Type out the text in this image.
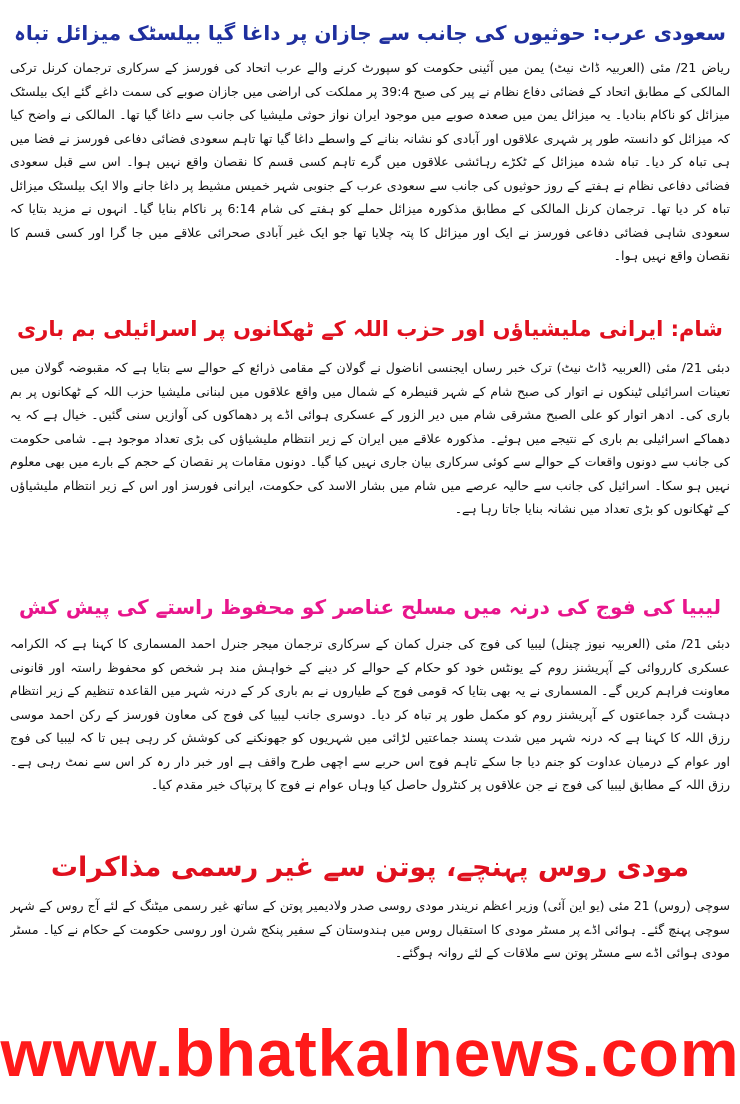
سعودی عرب: حوثیوں کی جانب سے جازان پر داغا گیا بیلسٹک میزائل تباہ

ریاض 21/ مئی (العربیہ ڈاٹ نیٹ) یمن میں آئینی حکومت کو سپورٹ کرنے والے عرب اتحاد کی فورسز کے سرکاری ترجمان کرنل ترکی المالکی کے مطابق اتحاد کے فضائی دفاع نظام نے پیر کی صبح 39:4 پر مملکت کی اراضی میں جازان صوبے کی سمت داغے گئے ایک بیلسٹک میزائل کو ناکام بنادیا۔ یہ میزائل یمن میں صعدہ صوبے میں موجود ایران نواز حوثی ملیشیا کی جانب سے داغا گیا تھا۔ المالکی نے واضح کیا کہ میزائل کو دانستہ طور پر شہری علاقوں اور آبادی کو نشانہ بنانے کے واسطے داغا گیا تھا تاہم سعودی فضائی دفاعی فورسز نے فضا میں ہی تباہ کر دیا۔ تباہ شدہ میزائل کے ٹکڑے رہائشی علاقوں میں گرے تاہم کسی قسم کا نقصان واقع نہیں ہوا۔ اس سے قبل سعودی فضائی دفاعی نظام نے ہفتے کے روز حوثیوں کی جانب سے سعودی عرب کے جنوبی شہر خمیس مشیط پر داغا جانے والا ایک بیلسٹک میزائل تباہ کر دیا تھا۔ ترجمان کرنل المالکی کے مطابق مذکورہ میزائل حملے کو ہفتے کی شام 6:14 پر ناکام بنایا گیا۔ انہوں نے مزید بتایا کہ سعودی شاہی فضائی دفاعی فورسز نے ایک اور میزائل کا پتہ چلایا تھا جو ایک غیر آبادی صحرائی علاقے میں جا گرا اور کسی قسم کا نقصان واقع نہیں ہوا۔

شام: ایرانی ملیشیاؤں اور حزب اللہ کے ٹھکانوں پر اسرائیلی بم باری

دبئی 21/ مئی (العربیہ ڈاٹ نیٹ) ترک خبر رساں ایجنسی اناضول نے گولان کے مقامی ذرائع کے حوالے سے بتایا ہے کہ مقبوضہ گولان میں تعینات اسرائیلی ٹینکوں نے اتوار کی صبح شام کے شہر قنیطرہ کے شمال میں واقع علاقوں میں لبنانی ملیشیا حزب اللہ کے ٹھکانوں پر بم باری کی۔ ادھر اتوار کو علی الصبح مشرقی شام میں دیر الزور کے عسکری ہوائی اڈے پر دھماکوں کی آوازیں سنی گئیں۔ خیال ہے کہ یہ دھماکے اسرائیلی بم باری کے نتیجے میں ہوئے۔ مذکورہ علاقے میں ایران کے زیر انتظام ملیشیاؤں کی بڑی تعداد موجود ہے۔ شامی حکومت کی جانب سے دونوں واقعات کے حوالے سے کوئی سرکاری بیان جاری نہیں کیا گیا۔ دونوں مقامات پر نقصان کے حجم کے بارے میں بھی معلوم نہیں ہو سکا۔ اسرائیل کی جانب سے حالیہ عرصے میں شام میں بشار الاسد کی حکومت، ایرانی فورسز اور اس کے زیر انتظام ملیشیاؤں کے ٹھکانوں کو بڑی تعداد میں نشانہ بنایا جاتا رہا ہے۔

لیبیا کی فوج کی درنہ میں مسلح عناصر کو محفوظ راستے کی پیش کش

دبئی 21/ مئی (العربیہ نیوز چینل) لیبیا کی فوج کی جنرل کمان کے سرکاری ترجمان میجر جنرل احمد المسماری کا کہنا ہے کہ الکرامہ عسکری کارروائی کے آپریشنز روم کے یونٹس خود کو حکام کے حوالے کر دینے کے خواہش مند ہر شخص کو محفوظ راستہ اور قانونی معاونت فراہم کریں گے۔ المسماری نے یہ بھی بتایا کہ قومی فوج کے طیاروں نے بم باری کر کے درنہ شہر میں القاعدہ تنظیم کے زیر انتظام دہشت گرد جماعتوں کے آپریشنز روم کو مکمل طور پر تباہ کر دیا۔ دوسری جانب لیبیا کی فوج کی معاون فورسز کے رکن احمد موسی رزق اللہ کا کہنا ہے کہ درنہ شہر میں شدت پسند جماعتیں لڑائی میں شہریوں کو جھونکنے کی کوشش کر رہی ہیں تا کہ لیبیا کی فوج اور عوام کے درمیان عداوت کو جنم دیا جا سکے تاہم فوج اس حربے سے اچھی طرح واقف ہے اور خبر دار رہ کر اس سے نمٹ رہی ہے۔ رزق اللہ کے مطابق لیبیا کی فوج نے جن علاقوں پر کنٹرول حاصل کیا وہاں عوام نے فوج کا پرتپاک خیر مقدم کیا۔

مودی روس پہنچے، پوتن سے غیر رسمی مذاکرات

سوچی (روس) 21 مئی (یو این آئی) وزیر اعظم نریندر مودی روسی صدر ولادیمیر پوتن کے ساتھ غیر رسمی میٹنگ کے لئے آج روس کے شہر سوچی پہنچ گئے۔ ہوائی اڈے پر مسٹر مودی کا استقبال روس میں ہندوستان کے سفیر پنکج شرن اور روسی حکومت کے حکام نے کیا۔ مسٹر مودی ہوائی اڈے سے مسٹر پوتن سے ملاقات کے لئے روانہ ہوگئے۔

www.bhatkalnews.com
